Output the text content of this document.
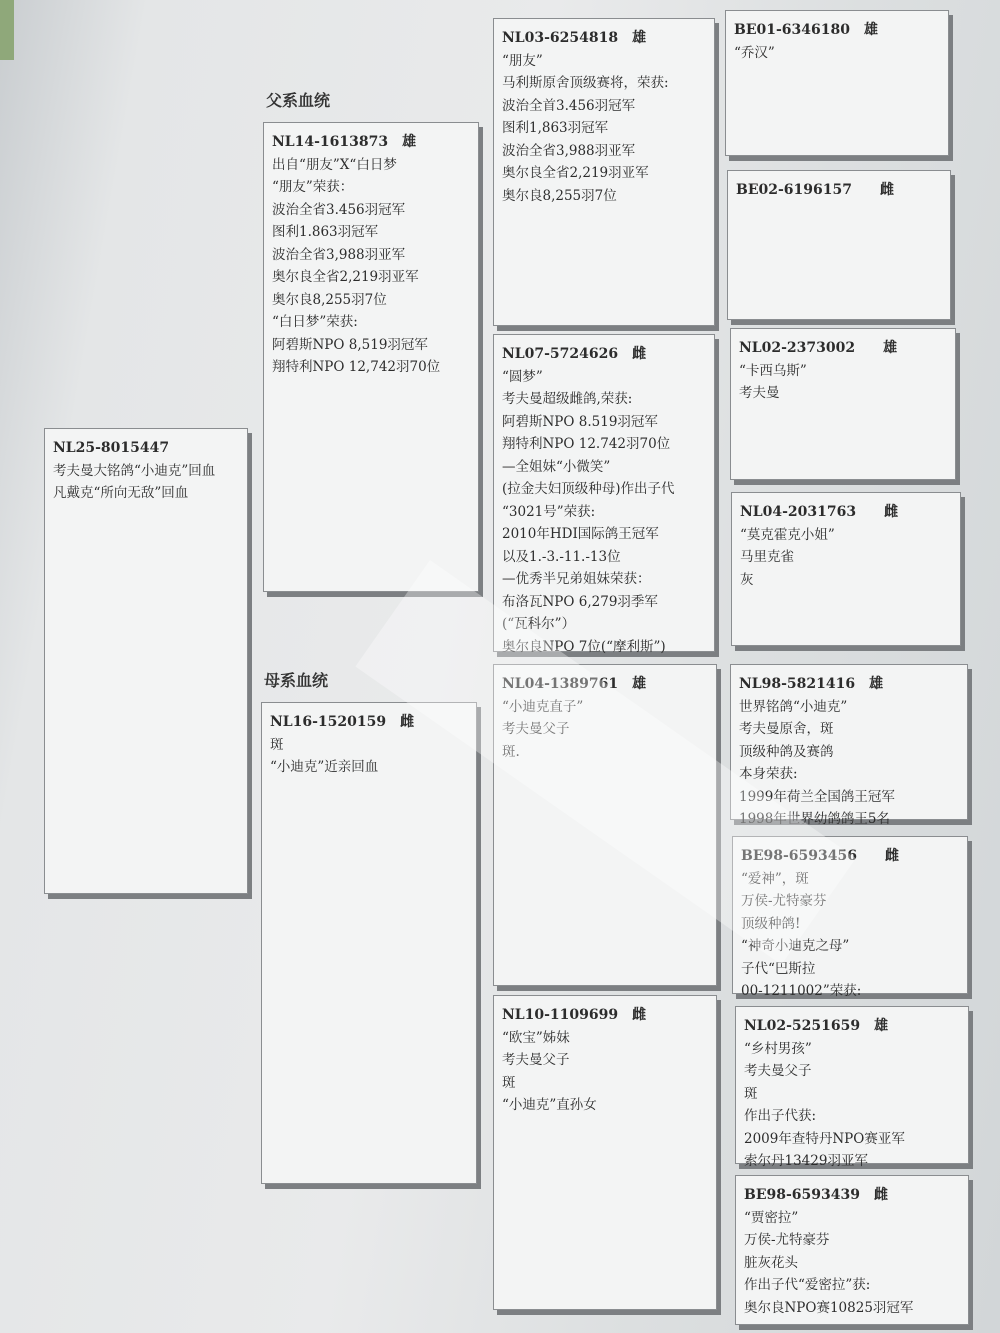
父系血统
母系血统
NL25-8015447
考夫曼大铭鸽“小迪克”回血
凡戴克“所向无敌”回血
NL14-1613873　雄
出自“朋友”X“白日梦
“朋友”荣获：
波治全省3.456羽冠军
图利1.863羽冠军
波治全省3,988羽亚军
奥尔良全省2,219羽亚军
奥尔良8,255羽7位
“白日梦”荣获:
阿碧斯NPO 8,519羽冠军
翔特利NPO 12,742羽70位
NL16-1520159　雌
斑
“小迪克”近亲回血
NL03-6254818　雄
“朋友”
马利斯原舍顶级赛将，荣获:
波治全首3.456羽冠军
图利1,863羽冠军
波治全省3,988羽亚军
奥尔良全省2,219羽亚军
奥尔良8,255羽7位
NL07-5724626　雌
“圆梦”
考夫曼超级雌鸽,荣获:
阿碧斯NPO 8.519羽冠军
翔特利NPO 12.742羽70位
—全姐妹“小微笑”
(拉金夫妇顶级种母)作出子代
“3021号”荣获:
2010年HDI国际鸽王冠军
以及1.-3.-11.-13位
—优秀半兄弟姐妹荣获：
布洛瓦NPO 6,279羽季军
(“瓦科尔”）
奥尔良NPO 7位(“摩利斯”)
NL04-1389761　雄
“小迪克直子”
考夫曼父子
斑.
NL10-1109699　雌
“欧宝”姊妹
考夫曼父子
斑
“小迪克”直孙女
BE01-6346180　雄
“乔汉”
BE02-6196157　　雌
NL02-2373002　　雄
“卡西乌斯”
考夫曼
NL04-2031763　　雌
“莫克霍克小姐”
马里克雀
灰
NL98-5821416　雄
世界铭鸽“小迪克”
考夫曼原舍，斑
顶级种鸽及赛鸽
本身荣获:
1999年荷兰全国鸽王冠军
1998年世界幼鸽鸽王5名
BE98-6593456　　雌
“爱神”，斑
万侯-尤特豪芬
顶级种鸽!
“神奇小迪克之母”
子代“巴斯拉
00-1211002”荣获:
NL02-5251659　雄
“乡村男孩”
考夫曼父子
斑
作出子代获:
2009年查特丹NPO赛亚军
索尔丹13429羽亚军
BE98-6593439　雌
“贾密拉”
万侯-尤特豪芬
脏灰花头
作出子代“爱密拉”获:
奥尔良NPO赛10825羽冠军
